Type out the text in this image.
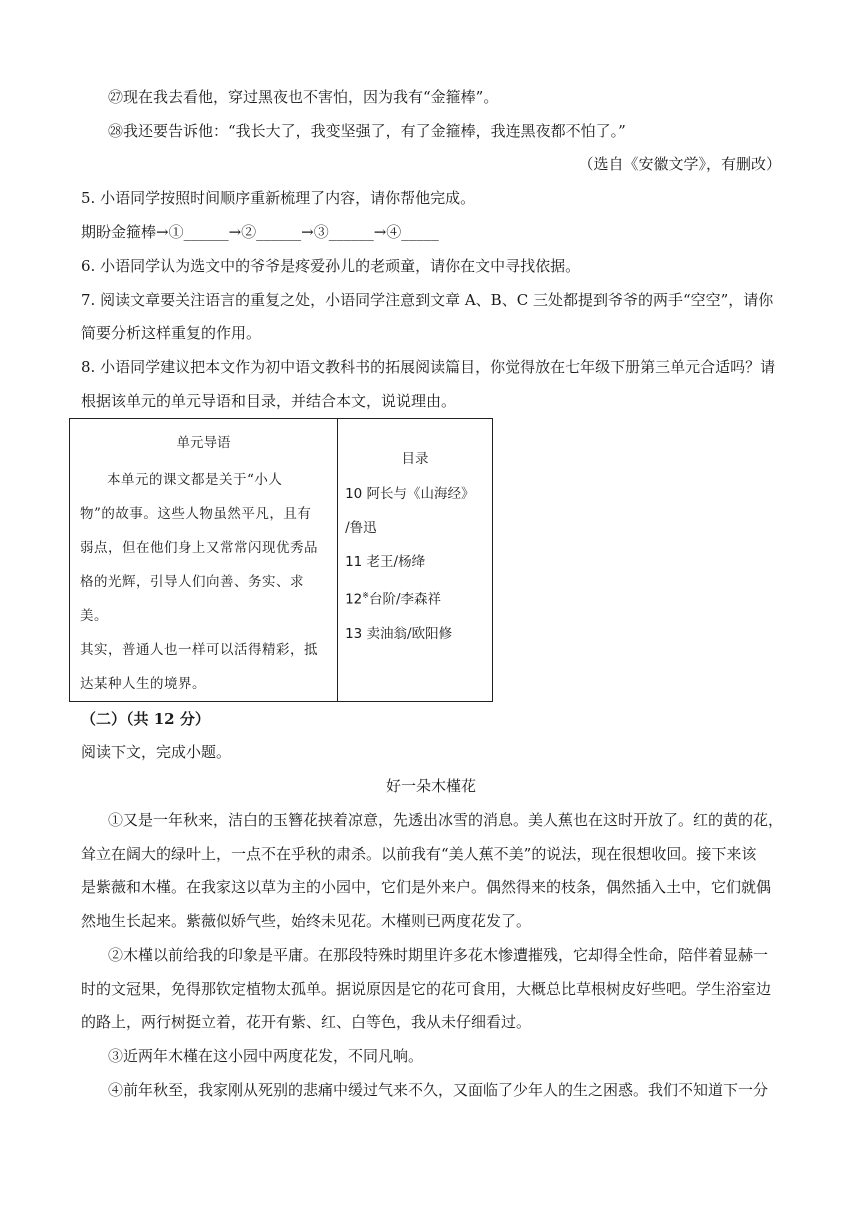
㉗现在我去看他，穿过黑夜也不害怕，因为我有“金箍棒”。
㉘我还要告诉他：“我长大了，我变坚强了，有了金箍棒，我连黑夜都不怕了。”
（选自《安徽文学》，有删改）
5. 小语同学按照时间顺序重新梳理了内容，请你帮他完成。
期盼金箍棒→①______→②______→③______→④_____
6. 小语同学认为选文中的爷爷是疼爱孙儿的老顽童，请你在文中寻找依据。
7. 阅读文章要关注语言的重复之处，小语同学注意到文章 A、B、C 三处都提到爷爷的两手“空空”，请你
简要分析这样重复的作用。
8. 小语同学建议把本文作为初中语文教科书的拓展阅读篇目，你觉得放在七年级下册第三单元合适吗？请
根据该单元的单元导语和目录，并结合本文，说说理由。
单元导语

本单元的课文都是关于“小人

物”的故事。这些人物虽然平凡，且有

弱点，但在他们身上又常常闪现优秀品

格的光辉，引导人们向善、务实、求美。

其实，普通人也一样可以活得精彩，抵

达某种人生的境界。

目录
10 阿长与《山海经》
/鲁迅
11 老王/杨绛
12※台阶/李森祥
13 卖油翁/欧阳修
（二）（共 12 分）
阅读下文，完成小题。
好一朵木槿花
①又是一年秋来，洁白的玉簪花挟着凉意，先透出冰雪的消息。美人蕉也在这时开放了。红的黄的花，
耸立在阔大的绿叶上，一点不在乎秋的肃杀。以前我有“美人蕉不美”的说法，现在很想收回。接下来该
是紫薇和木槿。在我家这以草为主的小园中，它们是外来户。偶然得来的枝条，偶然插入土中，它们就偶
然地生长起来。紫薇似娇气些，始终未见花。木槿则已两度花发了。
②木槿以前给我的印象是平庸。在那段特殊时期里许多花木惨遭摧残，它却得全性命，陪伴着显赫一
时的文冠果，免得那钦定植物太孤单。据说原因是它的花可食用，大概总比草根树皮好些吧。学生浴室边
的路上，两行树挺立着，花开有紫、红、白等色，我从未仔细看过。
③近两年木槿在这小园中两度花发，不同凡响。
④前年秋至，我家刚从死别的悲痛中缓过气来不久，又面临了少年人的生之困惑。我们不知道下一分
